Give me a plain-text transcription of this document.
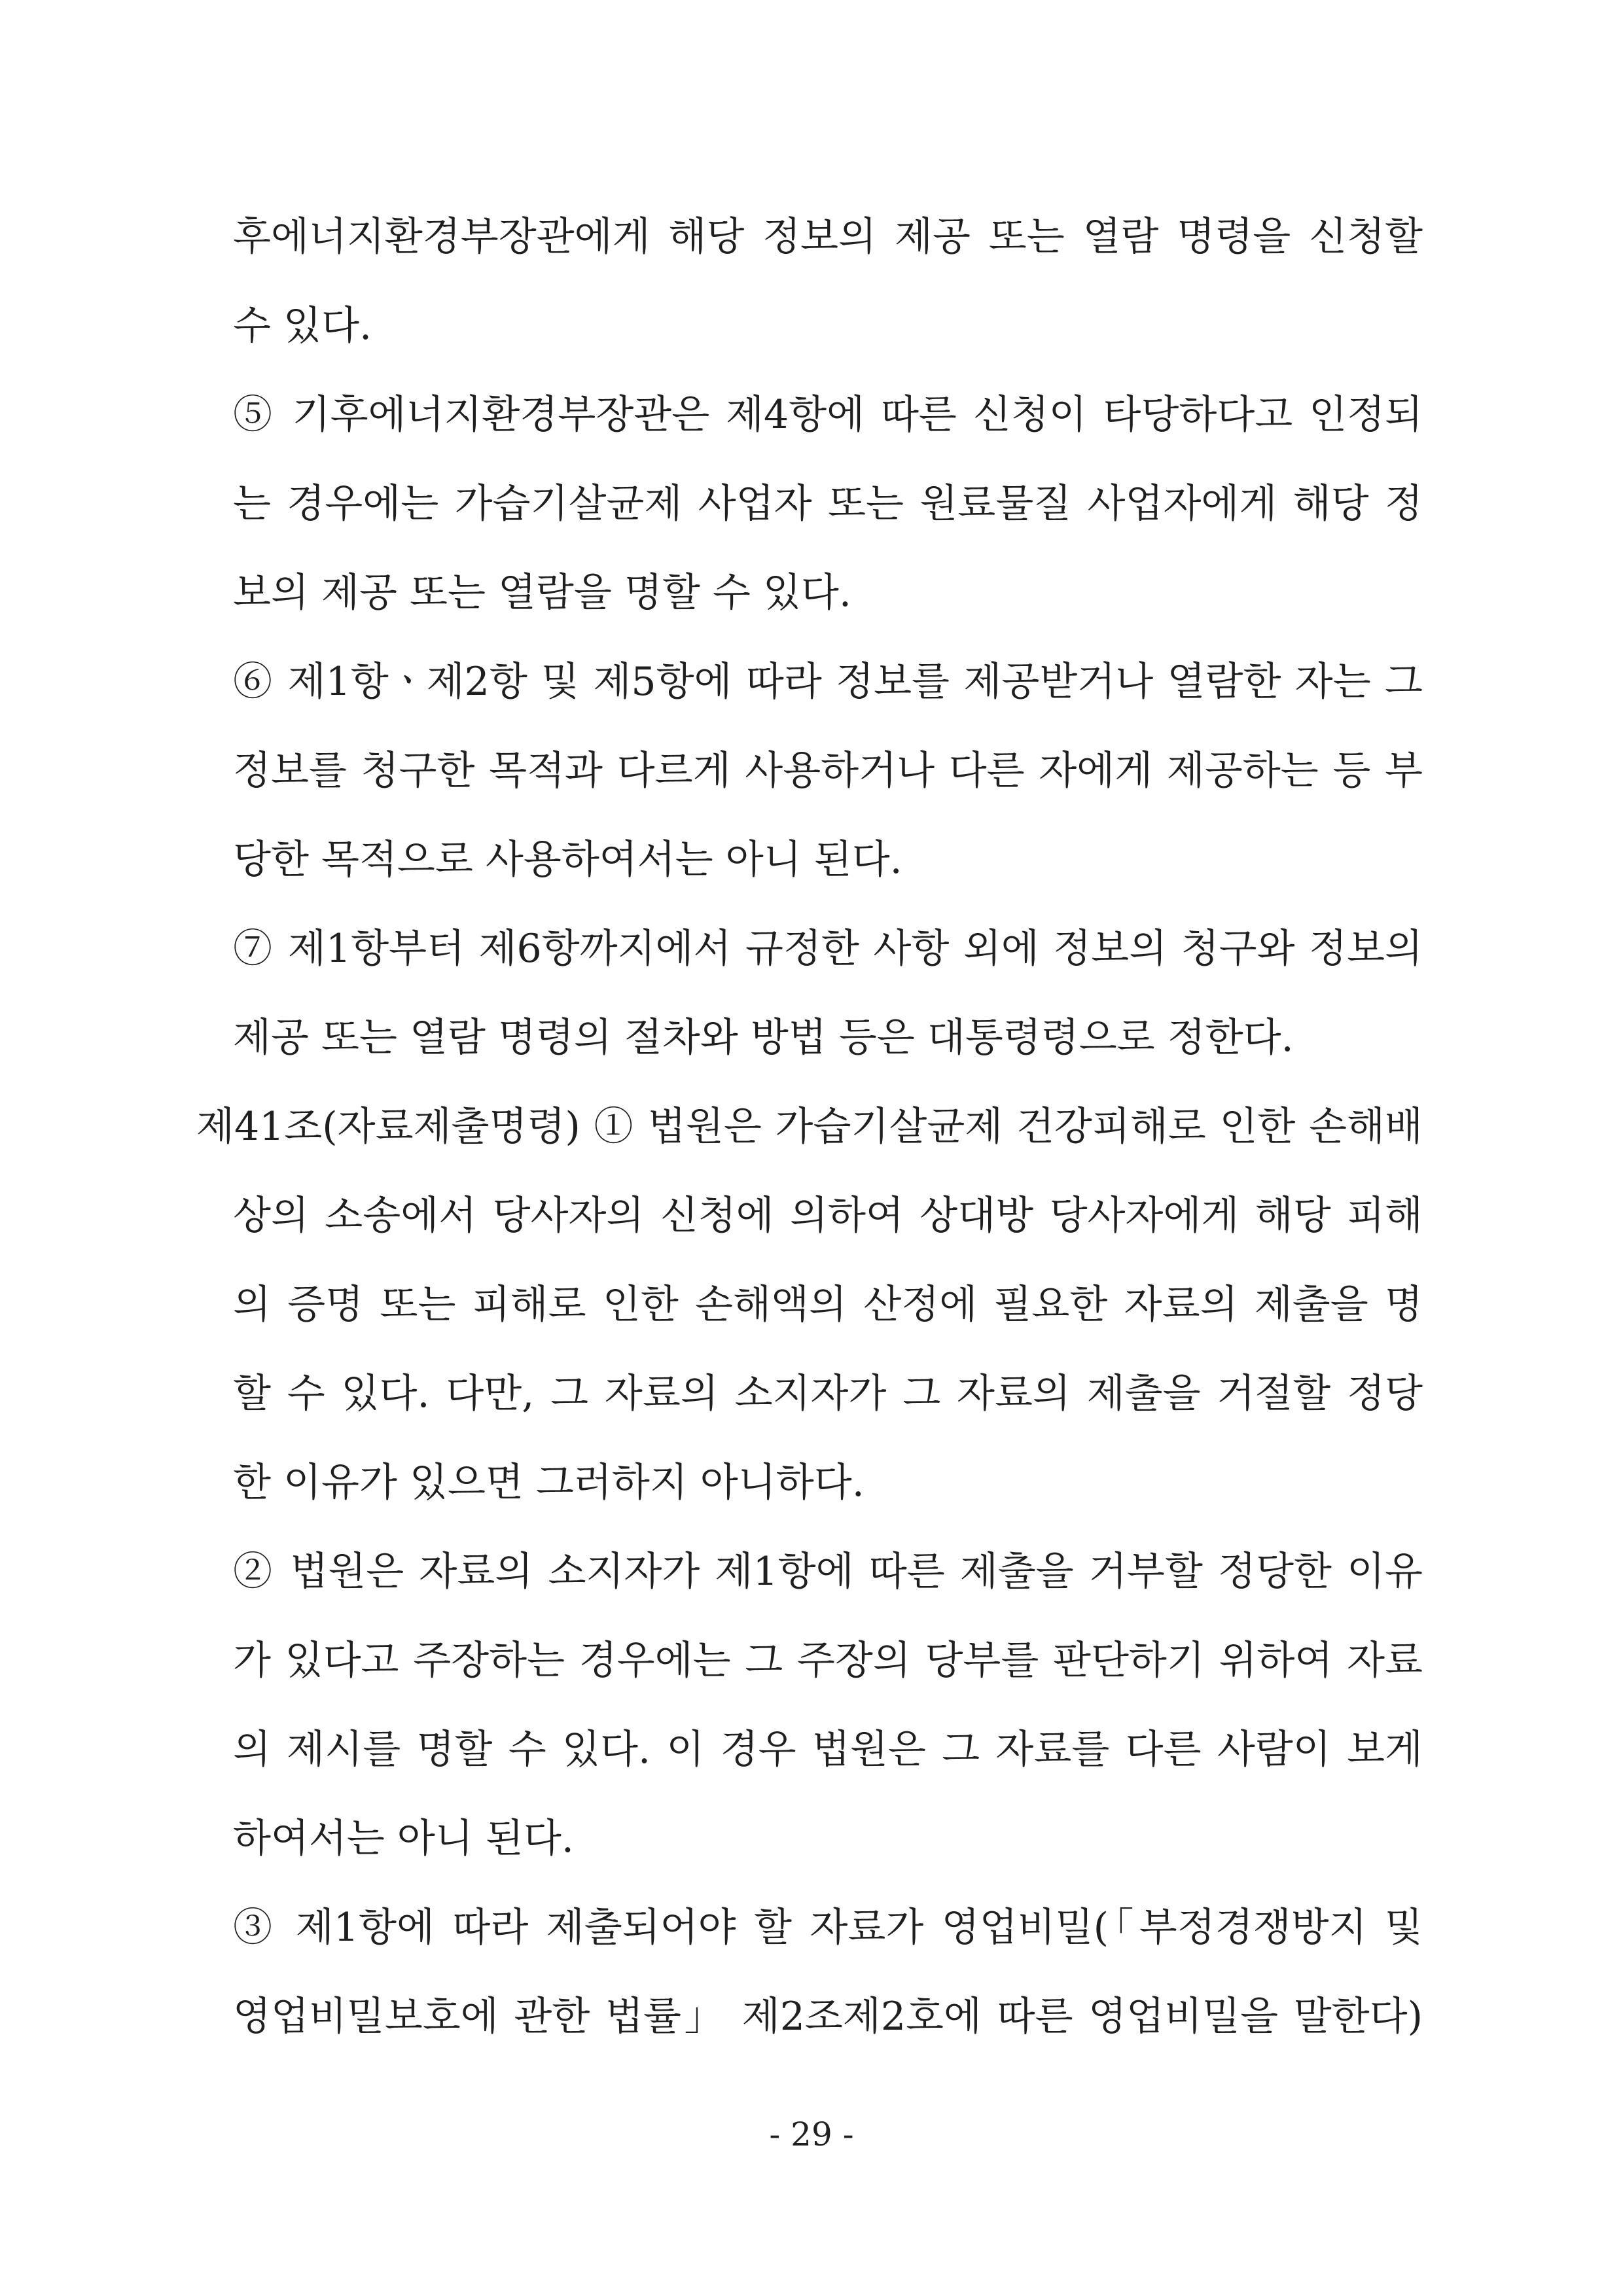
후에너지환경부장관에게 해당 정보의 제공 또는 열람 명령을 신청할
수 있다.
⑤ 기후에너지환경부장관은 제4항에 따른 신청이 타당하다고 인정되
는 경우에는 가습기살균제 사업자 또는 원료물질 사업자에게 해당 정
보의 제공 또는 열람을 명할 수 있다.
⑥ 제1항ㆍ제2항 및 제5항에 따라 정보를 제공받거나 열람한 자는 그
정보를 청구한 목적과 다르게 사용하거나 다른 자에게 제공하는 등 부
당한 목적으로 사용하여서는 아니 된다.
⑦ 제1항부터 제6항까지에서 규정한 사항 외에 정보의 청구와 정보의
제공 또는 열람 명령의 절차와 방법 등은 대통령령으로 정한다.
제41조(자료제출명령) ① 법원은 가습기살균제 건강피해로 인한 손해배
상의 소송에서 당사자의 신청에 의하여 상대방 당사자에게 해당 피해
의 증명 또는 피해로 인한 손해액의 산정에 필요한 자료의 제출을 명
할 수 있다. 다만, 그 자료의 소지자가 그 자료의 제출을 거절할 정당
한 이유가 있으면 그러하지 아니하다.
② 법원은 자료의 소지자가 제1항에 따른 제출을 거부할 정당한 이유
가 있다고 주장하는 경우에는 그 주장의 당부를 판단하기 위하여 자료
의 제시를 명할 수 있다. 이 경우 법원은 그 자료를 다른 사람이 보게
하여서는 아니 된다.
③ 제1항에 따라 제출되어야 할 자료가 영업비밀(「부정경쟁방지 및
영업비밀보호에 관한 법률」 제2조제2호에 따른 영업비밀을 말한다)
- 29 -
